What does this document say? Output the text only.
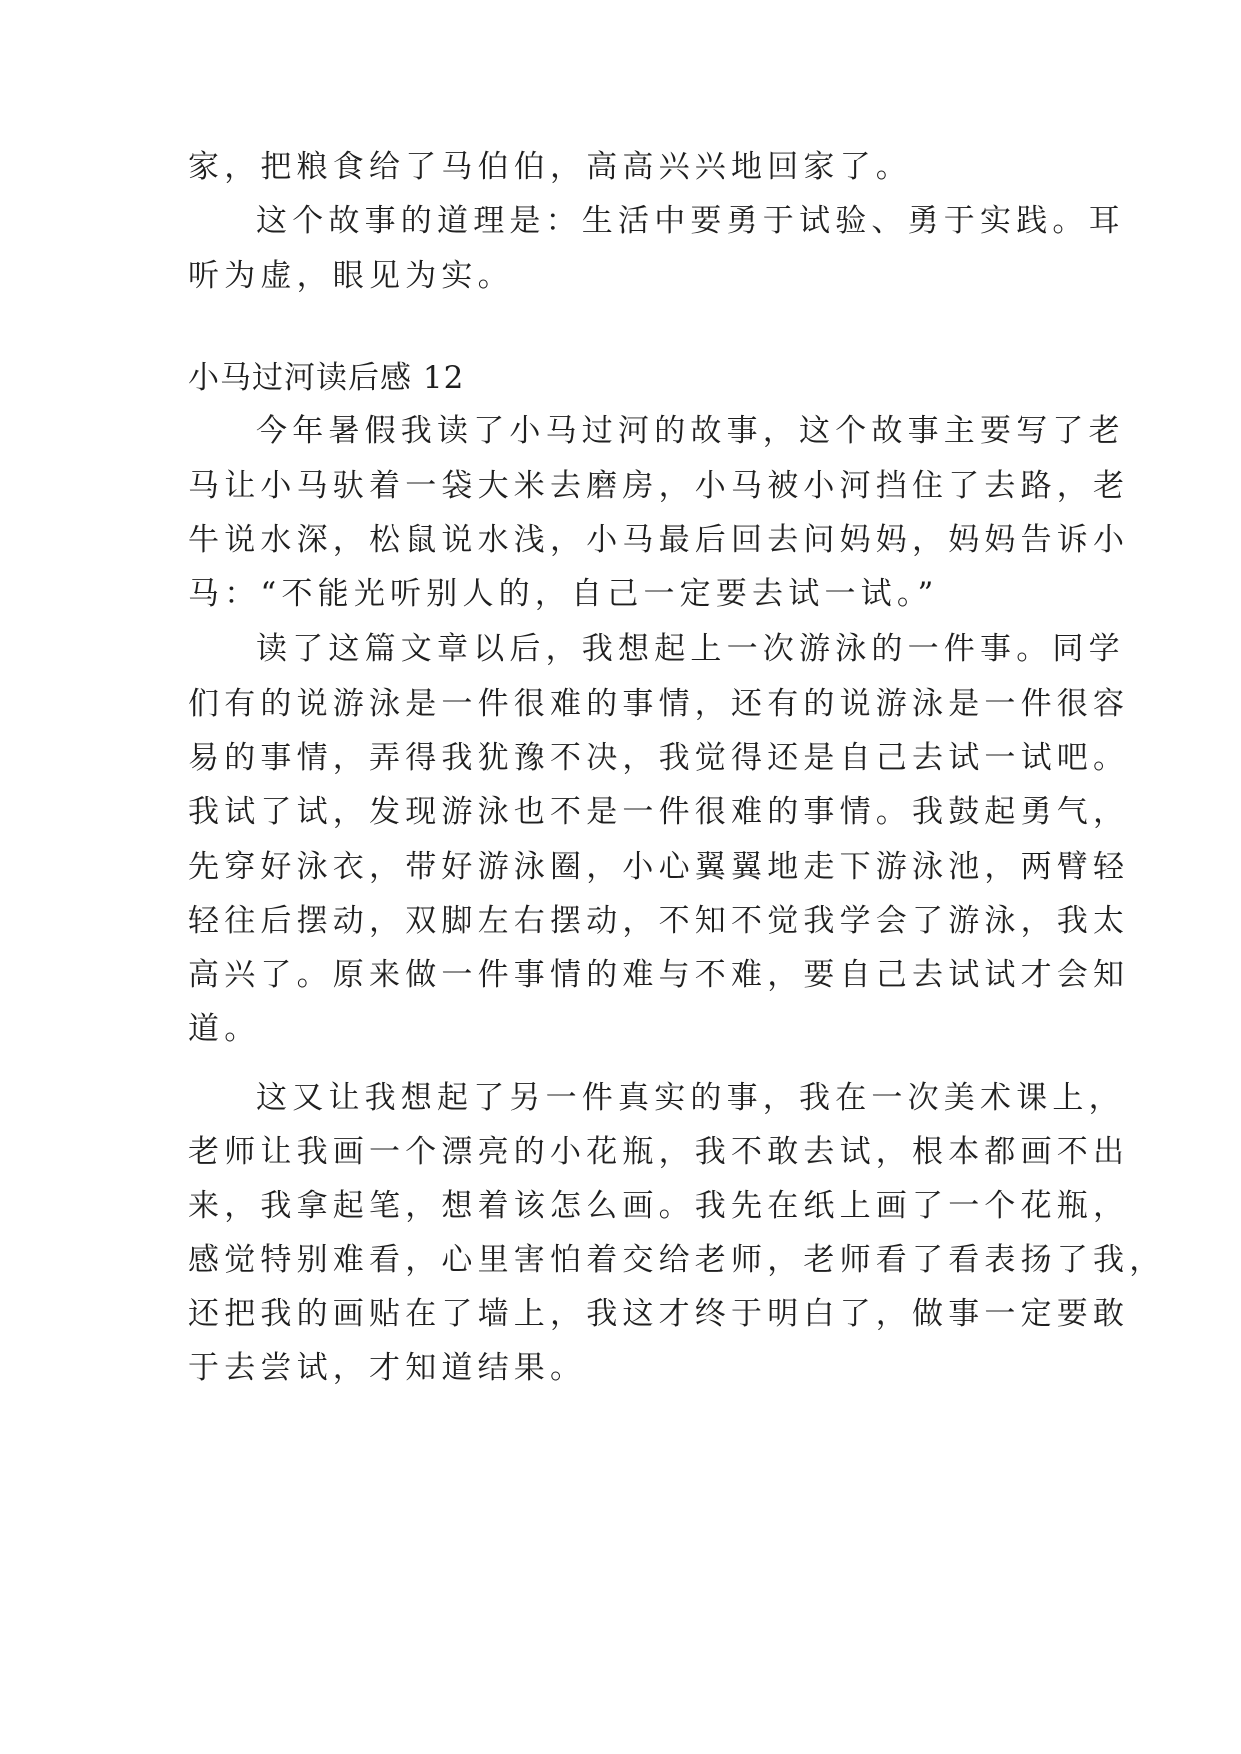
家，把粮食给了马伯伯，高高兴兴地回家了。
这个故事的道理是：生活中要勇于试验、勇于实践。耳
听为虚，眼见为实。
小马过河读后感 12
今年暑假我读了小马过河的故事，这个故事主要写了老
马让小马驮着一袋大米去磨房，小马被小河挡住了去路，老
牛说水深，松鼠说水浅，小马最后回去问妈妈，妈妈告诉小
马：“不能光听别人的，自己一定要去试一试。”
读了这篇文章以后，我想起上一次游泳的一件事。同学
们有的说游泳是一件很难的事情，还有的说游泳是一件很容
易的事情，弄得我犹豫不决，我觉得还是自己去试一试吧。
我试了试，发现游泳也不是一件很难的事情。我鼓起勇气，
先穿好泳衣，带好游泳圈，小心翼翼地走下游泳池，两臂轻
轻往后摆动，双脚左右摆动，不知不觉我学会了游泳，我太
高兴了。原来做一件事情的难与不难，要自己去试试才会知
道。
这又让我想起了另一件真实的事，我在一次美术课上，
老师让我画一个漂亮的小花瓶，我不敢去试，根本都画不出
来，我拿起笔，想着该怎么画。我先在纸上画了一个花瓶，
感觉特别难看，心里害怕着交给老师，老师看了看表扬了我，
还把我的画贴在了墙上，我这才终于明白了，做事一定要敢
于去尝试，才知道结果。
